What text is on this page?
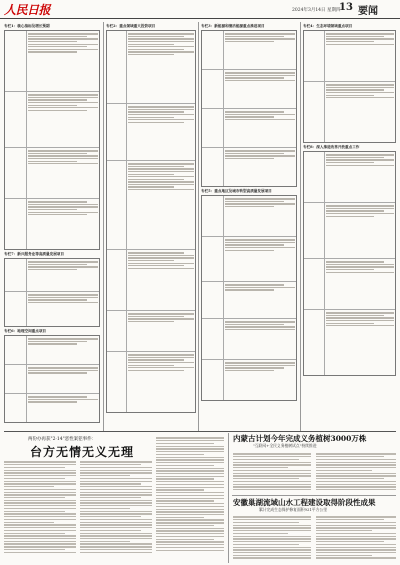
人民日报	2024年3月14日 星期四
13 要闻
专栏1：核心指标及增长预期
专栏7：新兴服务业等高质量发展项目
专栏6：地理空间重点项目
专栏2：重点领域重大投资项目	专栏3：新能源和清洁能源重点推进项目
专栏5：重点地区及城市转型高质量发展项目
专栏4：生态环境领域重点项目
专栏8：深入推进改革开放重点工作
两份办再获"2·14"恶性案犯事件：
台方无情无义无理
内蒙古计划今年完成义务植树3000万株
"互联网+全民义务植树试点"持续推进
安徽巢湖流域山水工程建设取得阶段性成果
累计完成生态保护修复面积921平方公里
